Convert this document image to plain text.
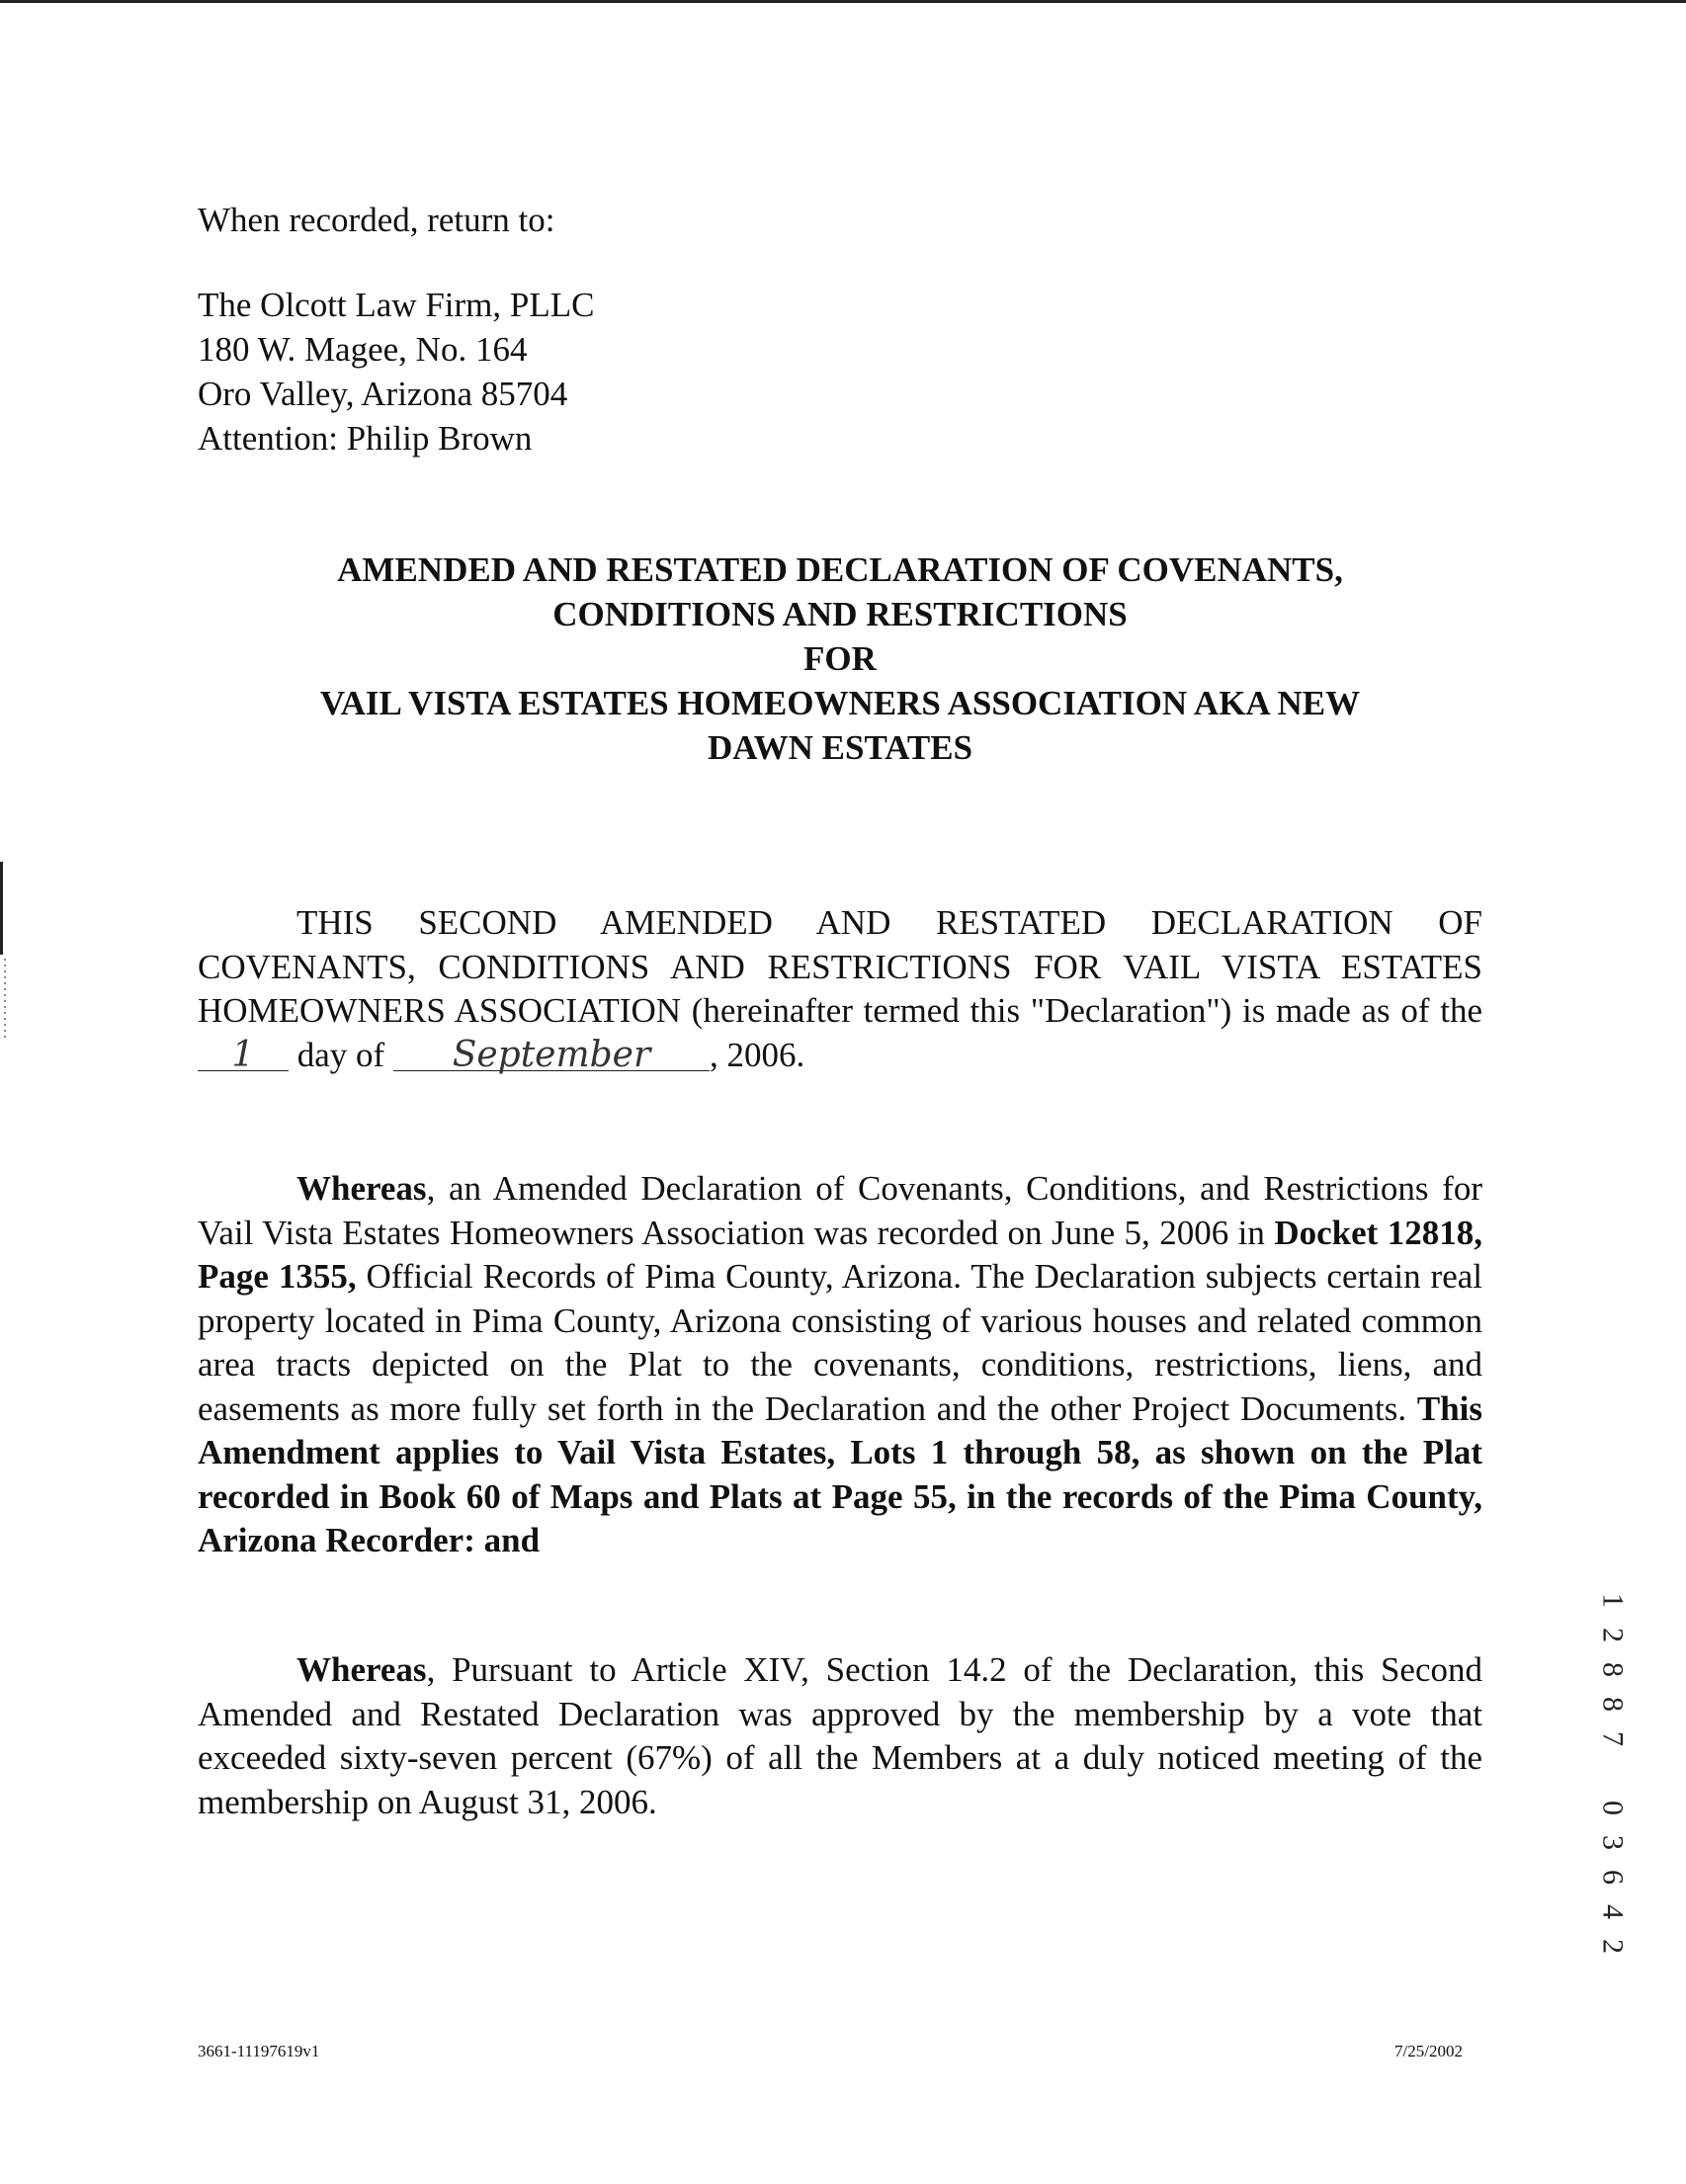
When recorded, return to:
The Olcott Law Firm, PLLC
180 W. Magee, No. 164
Oro Valley, Arizona 85704
Attention: Philip Brown
AMENDED AND RESTATED DECLARATION OF COVENANTS,
CONDITIONS AND RESTRICTIONS
FOR
VAIL VISTA ESTATES HOMEOWNERS ASSOCIATION AKA NEW
DAWN ESTATES
THIS SECOND AMENDED AND RESTATED DECLARATION OF COVENANTS, CONDITIONS AND RESTRICTIONS FOR VAIL VISTA ESTATES HOMEOWNERS ASSOCIATION (hereinafter termed this "Declaration") is made as of the 1 day of September , 2006.
Whereas, an Amended Declaration of Covenants, Conditions, and Restrictions for Vail Vista Estates Homeowners Association was recorded on June 5, 2006 in Docket 12818, Page 1355, Official Records of Pima County, Arizona. The Declaration subjects certain real property located in Pima County, Arizona consisting of various houses and related common area tracts depicted on the Plat to the covenants, conditions, restrictions, liens, and easements as more fully set forth in the Declaration and the other Project Documents. This Amendment applies to Vail Vista Estates, Lots 1 through 58, as shown on the Plat recorded in Book 60 of Maps and Plats at Page 55, in the records of the Pima County, Arizona Recorder: and
Whereas, Pursuant to Article XIV, Section 14.2 of the Declaration, this Second Amended and Restated Declaration was approved by the membership by a vote that exceeded sixty-seven percent (67%) of all the Members at a duly noticed meeting of the membership on August 31, 2006.
1
2
8
8
7

0
3
6
4
2
3661-11197619v1	7/25/2002
